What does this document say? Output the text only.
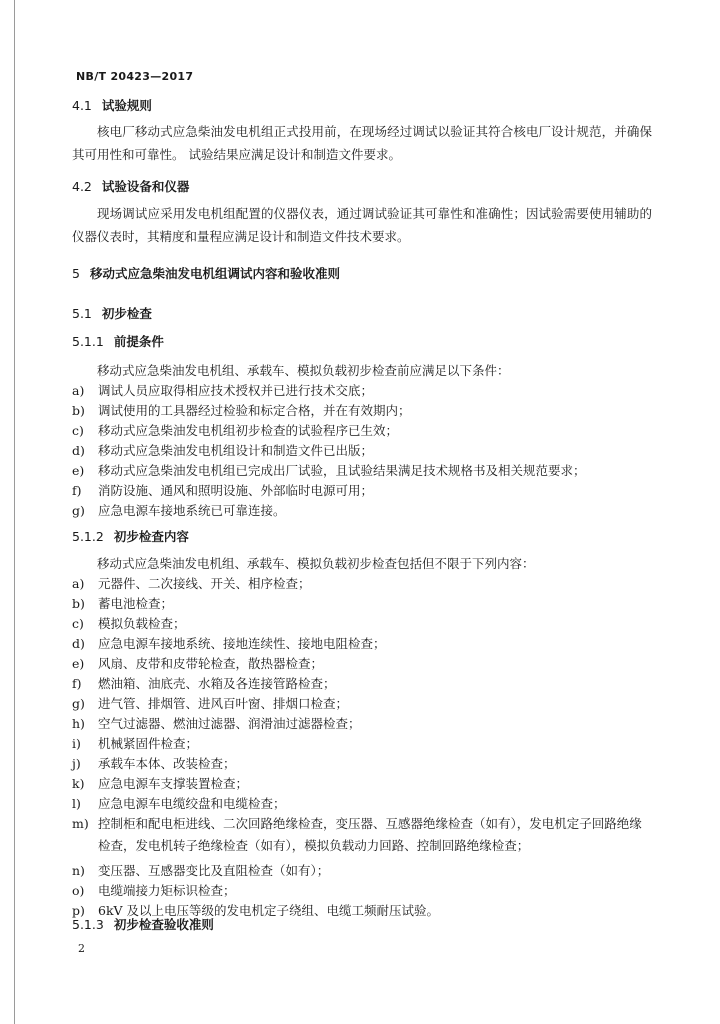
NB/T 20423—2017
4.1 试验规则
核电厂移动式应急柴油发电机组正式投用前，在现场经过调试以验证其符合核电厂设计规范，并确保其可用性和可靠性。 试验结果应满足设计和制造文件要求。
4.2 试验设备和仪器
现场调试应采用发电机组配置的仪器仪表，通过调试验证其可靠性和准确性；因试验需要使用辅助的仪器仪表时，其精度和量程应满足设计和制造文件技术要求。
5 移动式应急柴油发电机组调试内容和验收准则
5.1 初步检查
5.1.1 前提条件
移动式应急柴油发电机组、承载车、模拟负载初步检查前应满足以下条件：
a)	调试人员应取得相应技术授权并已进行技术交底；
b)	调试使用的工具器经过检验和标定合格，并在有效期内；
c)	移动式应急柴油发电机组初步检查的试验程序已生效；
d)	移动式应急柴油发电机组设计和制造文件已出版；
e)	移动式应急柴油发电机组已完成出厂试验，且试验结果满足技术规格书及相关规范要求；
f)	消防设施、通风和照明设施、外部临时电源可用；
g)	应急电源车接地系统已可靠连接。
5.1.2 初步检查内容
移动式应急柴油发电机组、承载车、模拟负载初步检查包括但不限于下列内容：
a)	元器件、二次接线、开关、相序检查；
b)	蓄电池检查；
c)	模拟负载检查；
d)	应急电源车接地系统、接地连续性、接地电阻检查；
e)	风扇、皮带和皮带轮检查，散热器检查；
f)	燃油箱、油底壳、水箱及各连接管路检查；
g)	进气管、排烟管、进风百叶窗、排烟口检查；
h)	空气过滤器、燃油过滤器、润滑油过滤器检查；
i)	机械紧固件检查；
j)	承载车本体、改装检查；
k)	应急电源车支撑装置检查；
l)	应急电源车电缆绞盘和电缆检查；
m) 控制柜和配电柜进线、二次回路绝缘检查，变压器、互感器绝缘检查（如有），发电机定子回路绝缘检查，发电机转子绝缘检查（如有），模拟负载动力回路、控制回路绝缘检查；
n)	变压器、互感器变比及直阻检查（如有）；
o)	电缆端接力矩标识检查；
p)	6kV 及以上电压等级的发电机定子绕组、电缆工频耐压试验。
5.1.3 初步检查验收准则
2
